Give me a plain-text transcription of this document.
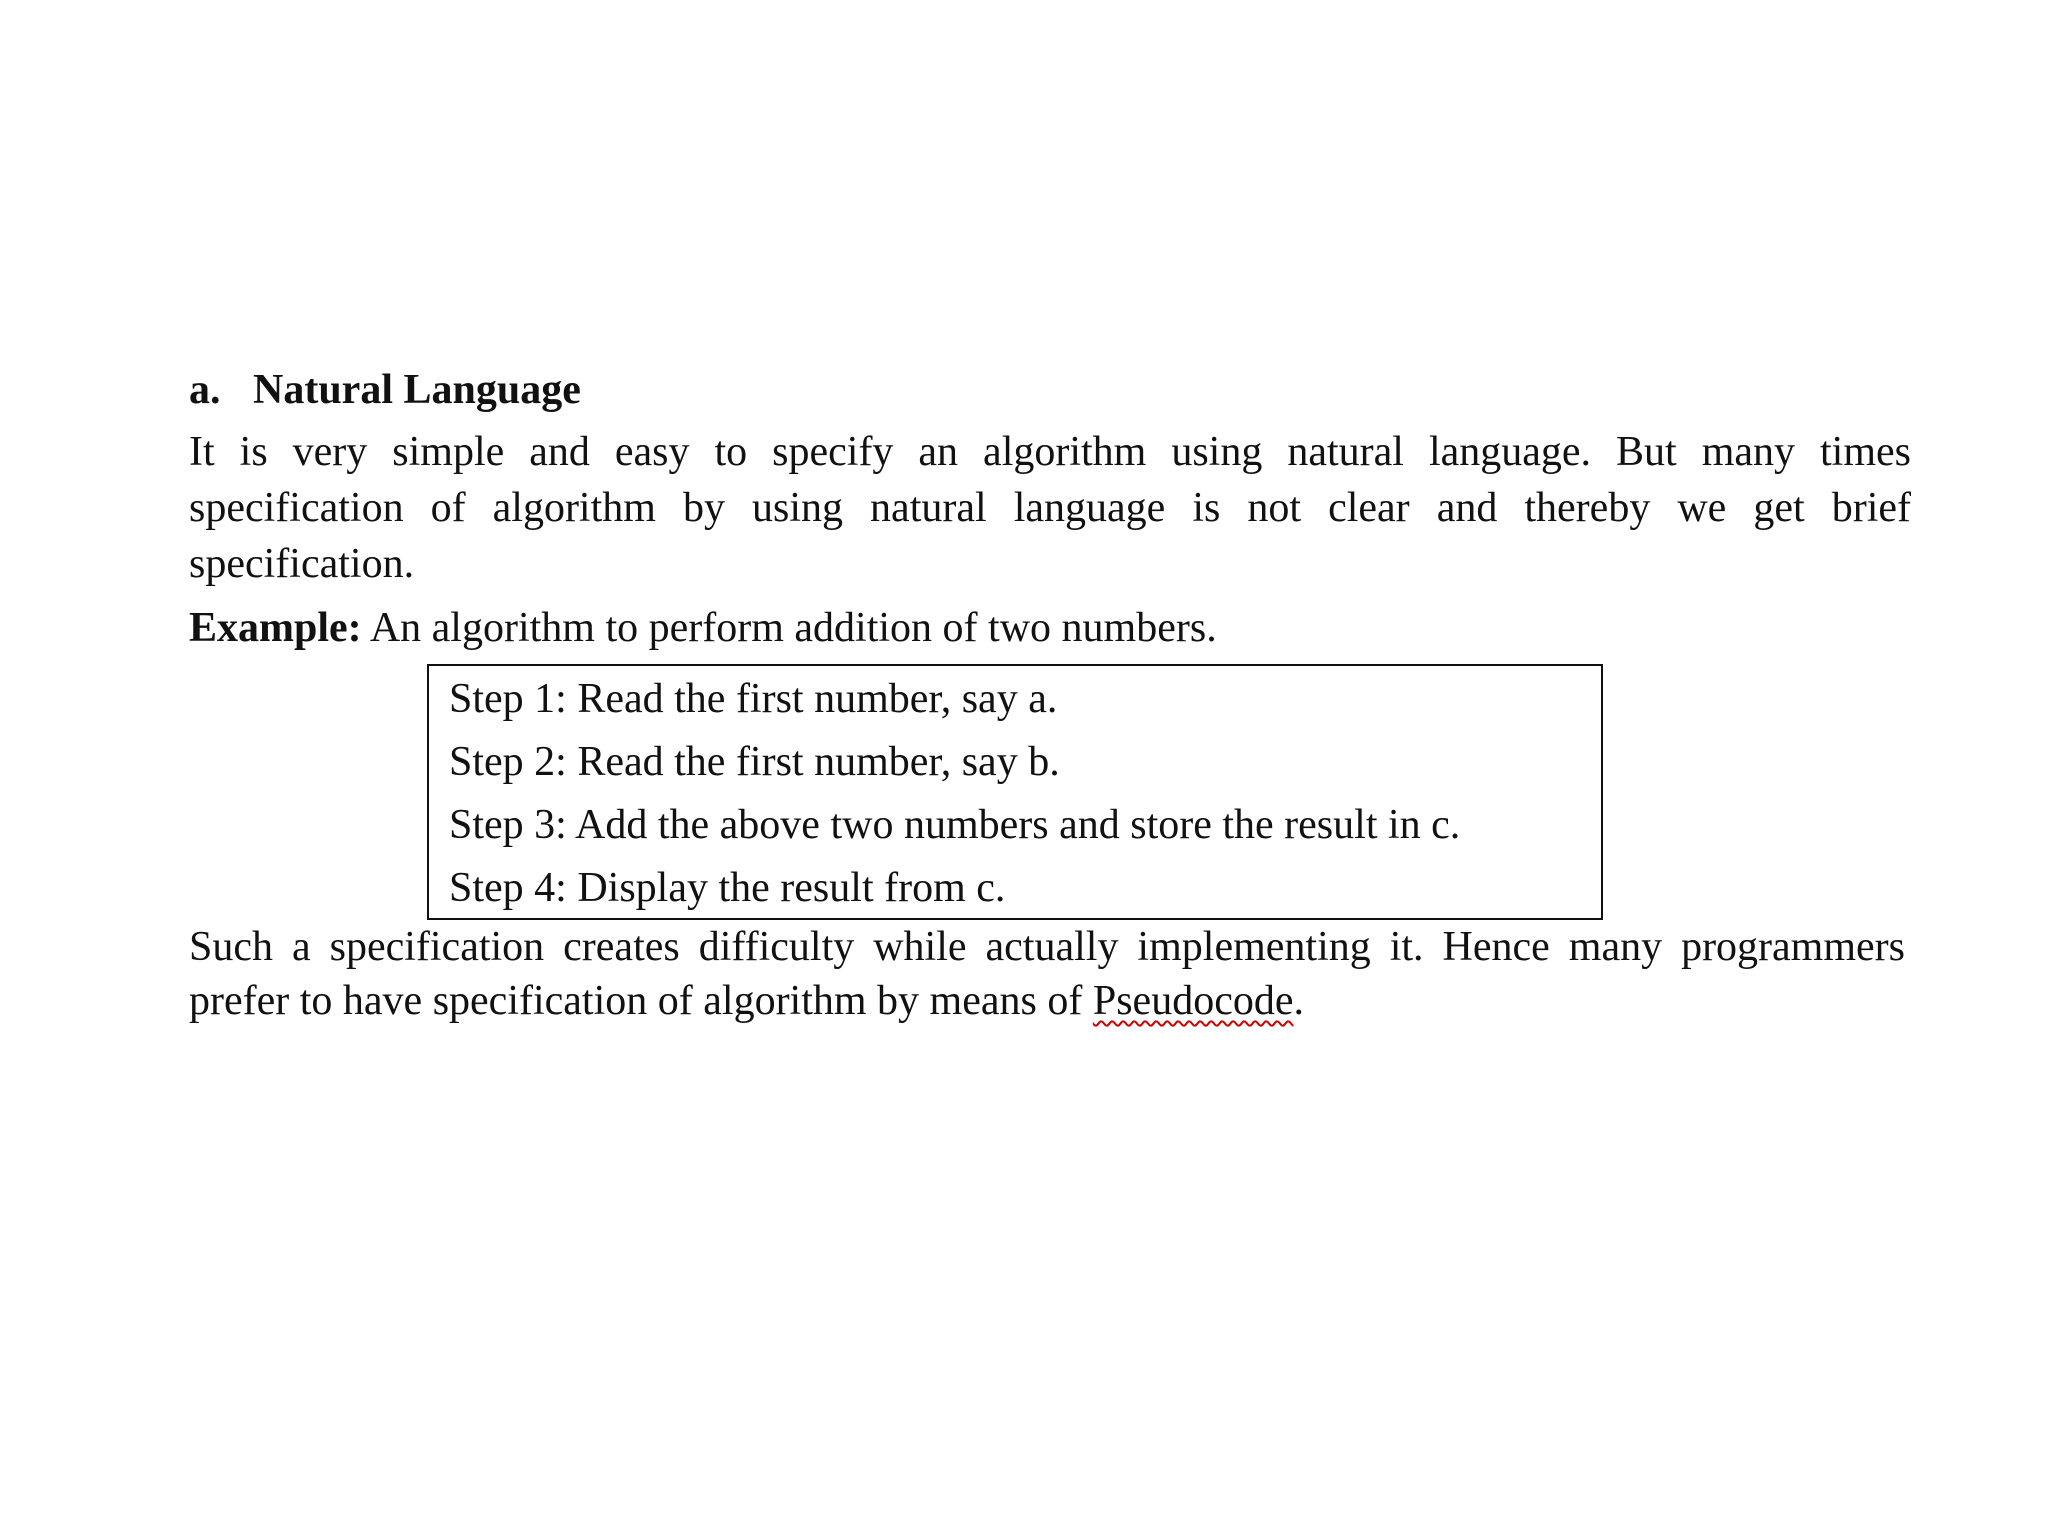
a. Natural Language
It is very simple and easy to specify an algorithm using natural language. But many times specification of algorithm by using natural language is not clear and thereby we get brief specification.
Example: An algorithm to perform addition of two numbers.
Step 1: Read the first number, say a.
Step 2: Read the first number, say b.
Step 3: Add the above two numbers and store the result in c.
Step 4: Display the result from c.
Such a specification creates difficulty while actually implementing it. Hence many programmers prefer to have specification of algorithm by means of Pseudocode.
